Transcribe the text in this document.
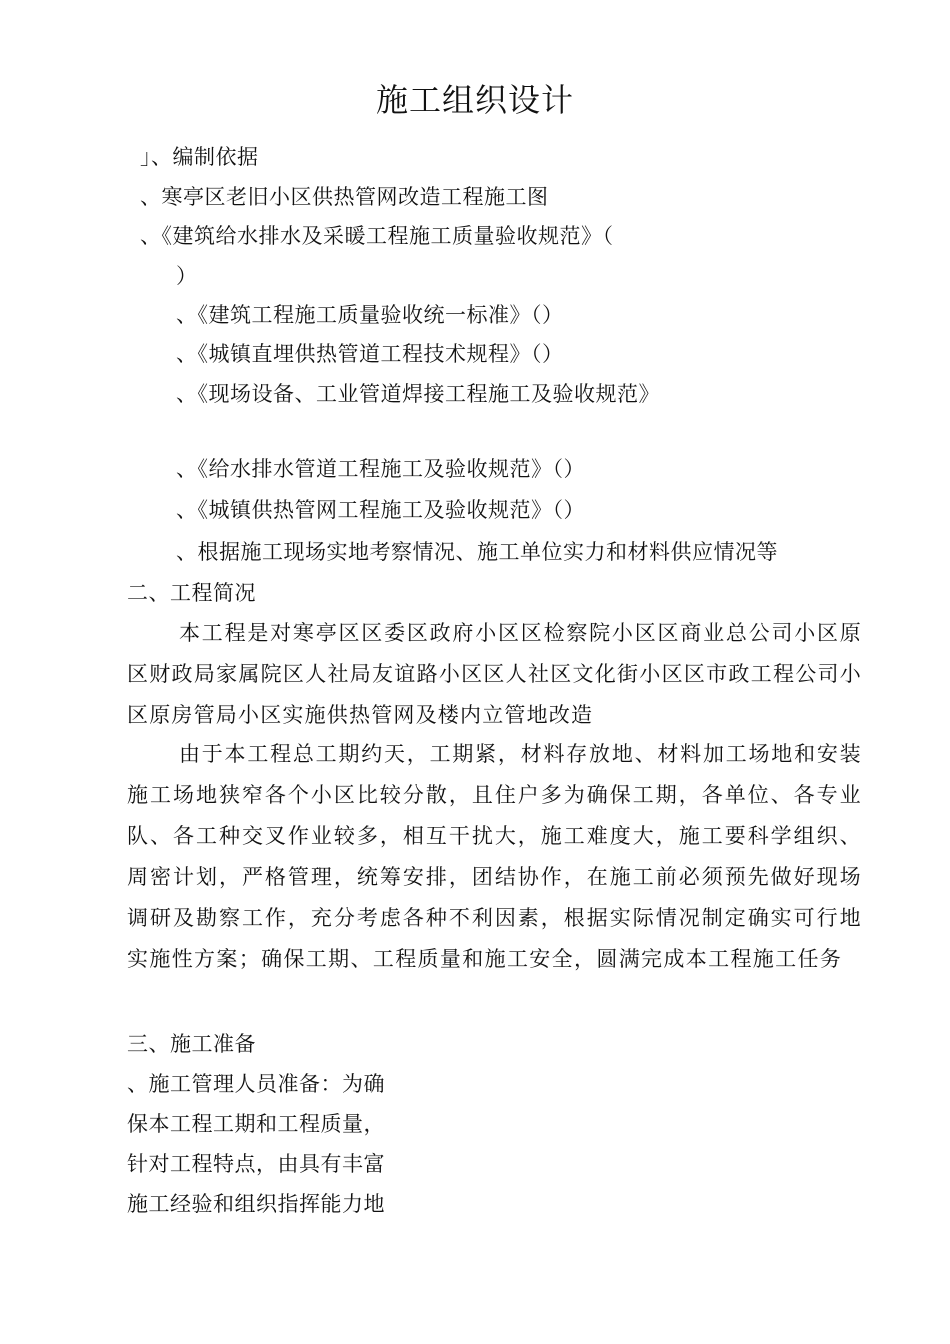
施工组织设计
」、编制依据
、寒亭区老旧小区供热管网改造工程施工图
、《建筑给水排水及采暖工程施工质量验收规范》（
）
、《建筑工程施工质量验收统一标准》（）
、《城镇直埋供热管道工程技术规程》（）
、《现场设备、工业管道焊接工程施工及验收规范》
、《给水排水管道工程施工及验收规范》（）
、《城镇供热管网工程施工及验收规范》（）
、根据施工现场实地考察情况、施工单位实力和材料供应情况等
二、工程简况
本工程是对寒亭区区委区政府小区区检察院小区区商业总公司小区原区财政局家属院区人社局友谊路小区区人社区文化街小区区市政工程公司小区原房管局小区实施供热管网及楼内立管地改造
由于本工程总工期约天，工期紧，材料存放地、材料加工场地和安装施工场地狭窄各个小区比较分散，且住户多为确保工期，各单位、各专业队、各工种交叉作业较多，相互干扰大，施工难度大，施工要科学组织、周密计划，严格管理，统筹安排，团结协作，在施工前必须预先做好现场调研及勘察工作，充分考虑各种不利因素，根据实际情况制定确实可行地实施性方案；确保工期、工程质量和施工安全，圆满完成本工程施工任务
三、施工准备
、施工管理人员准备：为确
保本工程工期和工程质量，
针对工程特点，由具有丰富
施工经验和组织指挥能力地
